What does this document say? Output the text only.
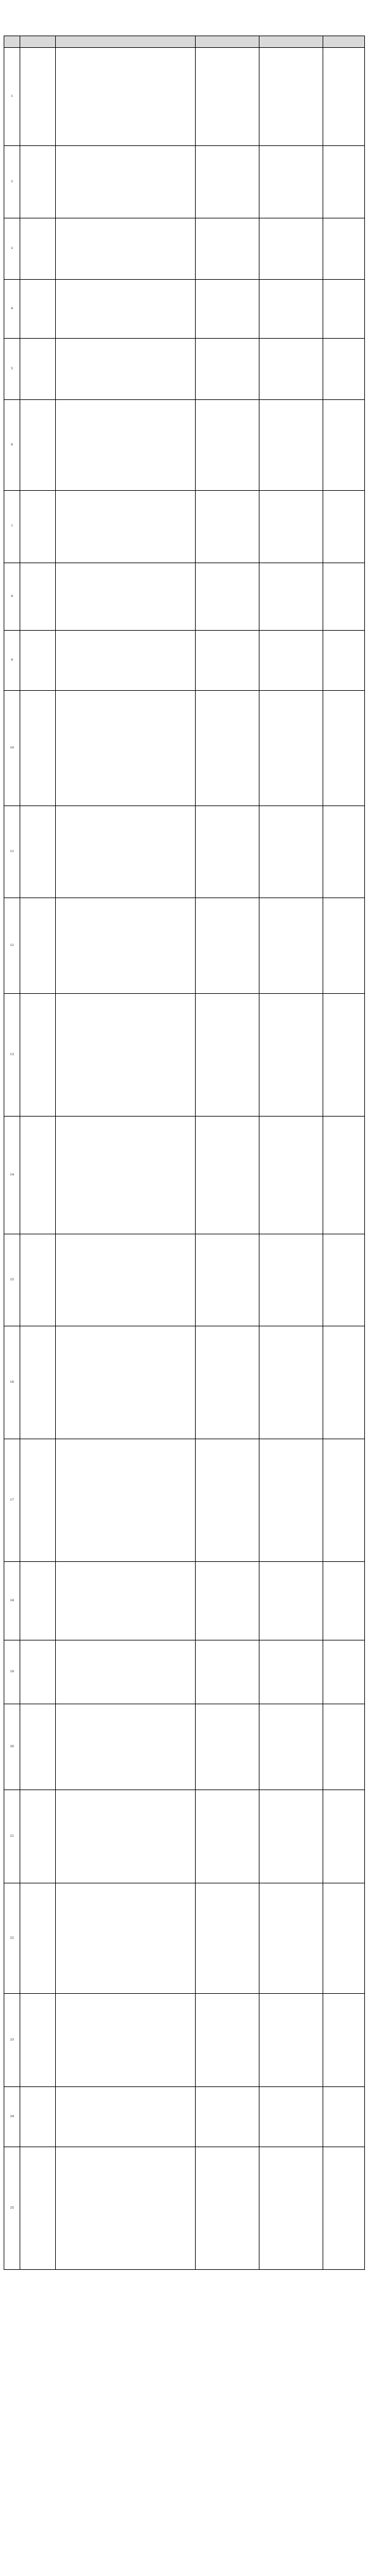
1					
2					
3					
4					
5					
6					
7					
8					
9					
10					
11					
12					
13					
14					
15					
16					
17					
18					
19					
20					
21					
22					
23					
24					
25					
